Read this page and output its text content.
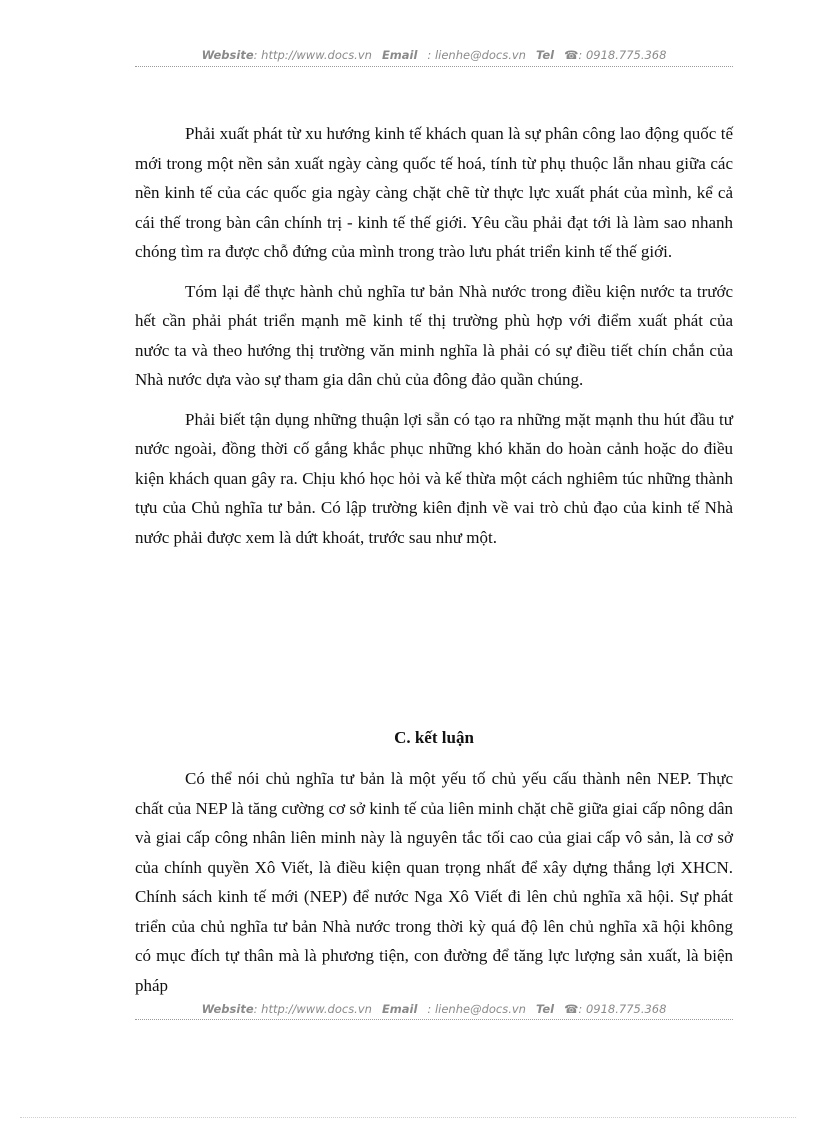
Website: http://www.docs.vn Email : lienhe@docs.vn Tel ☎: 0918.775.368

Phải xuất phát từ xu hướng kinh tế khách quan là sự phân công lao động quốc tế mới trong một nền sản xuất ngày càng quốc tế hoá, tính từ phụ thuộc lẫn nhau giữa các nền kinh tế của các quốc gia ngày càng chặt chẽ từ thực lực xuất phát của mình, kể cả cái thế trong bàn cân chính trị - kinh tế thế giới. Yêu cầu phải đạt tới là làm sao nhanh chóng tìm ra được chỗ đứng của mình trong trào lưu phát triển kinh tế thế giới.

Tóm lại để thực hành chủ nghĩa tư bản Nhà nước trong điều kiện nước ta trước hết cần phải phát triển mạnh mẽ kinh tế thị trường phù hợp với điểm xuất phát của nước ta và theo hướng thị trường văn minh nghĩa là phải có sự điều tiết chín chắn của Nhà nước dựa vào sự tham gia dân chủ của đông đảo quần chúng.

Phải biết tận dụng những thuận lợi sẵn có tạo ra những mặt mạnh thu hút đầu tư nước ngoài, đồng thời cố gắng khắc phục những khó khăn do hoàn cảnh hoặc do điều kiện khách quan gây ra. Chịu khó học hỏi và kế thừa một cách nghiêm túc những thành tựu của Chủ nghĩa tư bản. Có lập trường kiên định về vai trò chủ đạo của kinh tế Nhà nước phải được xem là dứt khoát, trước sau như một.

C. kết luận

Có thể nói chủ nghĩa tư bản là một yếu tố chủ yếu cấu thành nên NEP. Thực chất của NEP là tăng cường cơ sở kinh tế của liên minh chặt chẽ giữa giai cấp nông dân và giai cấp công nhân liên minh này là nguyên tắc tối cao của giai cấp vô sản, là cơ sở của chính quyền Xô Viết, là điều kiện quan trọng nhất để xây dựng thắng lợi XHCN. Chính sách kinh tế mới (NEP) để nước Nga Xô Viết đi lên chủ nghĩa xã hội. Sự phát triển của chủ nghĩa tư bản Nhà nước trong thời kỳ quá độ lên chủ nghĩa xã hội không có mục đích tự thân mà là phương tiện, con đường để tăng lực lượng sản xuất, là biện pháp

Website: http://www.docs.vn Email : lienhe@docs.vn Tel ☎: 0918.775.368
